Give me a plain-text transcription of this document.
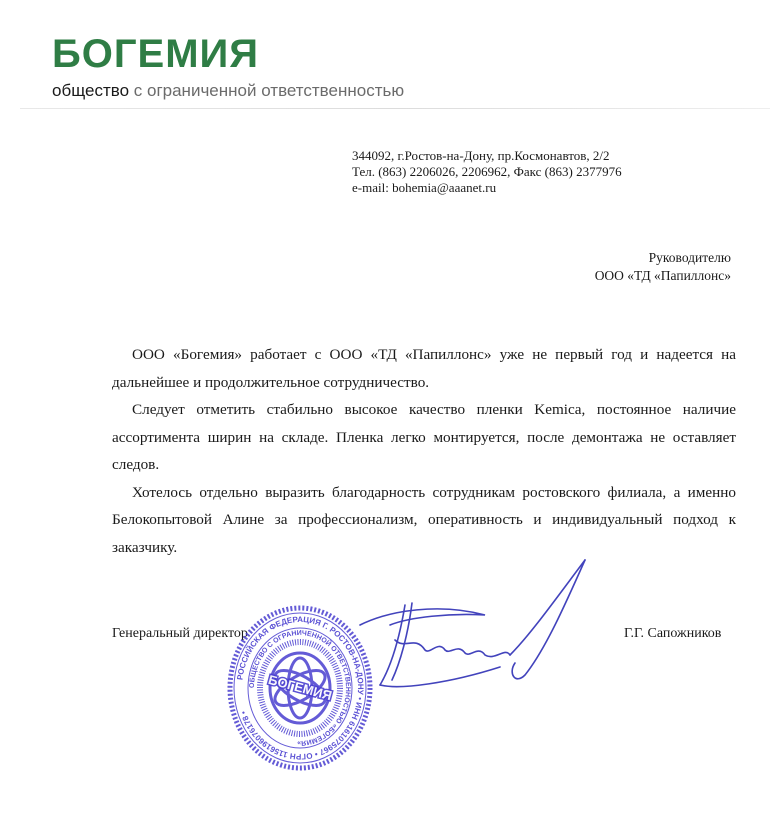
БОГЕМИЯ
общество с ограниченной ответственностью
344092, г.Ростов-на-Дону, пр.Космонавтов, 2/2
Тел. (863) 2206026, 2206962, Факс (863) 2377976
e-mail: bohemia@aaanet.ru
Руководителю
ООО «ТД «Папиллонс»

ООО «Богемия» работает с ООО «ТД «Папиллонс» уже не первый год и надеется на дальнейшее и продолжительное сотрудничество.

Следует отметить стабильно высокое качество пленки Kemica, постоянное наличие ассортимента ширин на складе. Пленка легко монтируется, после демонтажа не оставляет следов.

Хотелось отдельно выразить благодарность сотрудникам ростовского филиала, а именно Белокопытовой Алине за профессионализм, оперативность и индивидуальный подход к заказчику.

Генеральный директор	Г.Г. Сапожников
РОССИЙСКАЯ ФЕДЕРАЦИЯ Г. РОСТОВ-НА-ДОНУ • ИНН 6161075967 • ОГРН 1156196076178 •
ОБЩЕСТВО С ОГРАНИЧЕННОЙ ОТВЕТСТВЕННОСТЬЮ «БОГЕМИЯ»
БОГЕМИЯ
